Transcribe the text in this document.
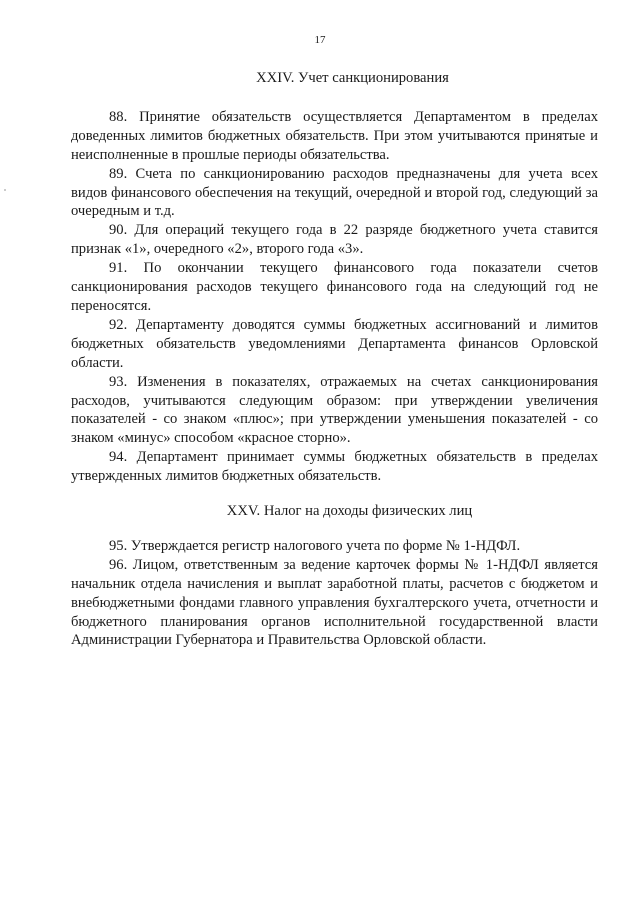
17
XXIV. Учет санкционирования

88. Принятие обязательств осуществляется Департаментом в пределах доведенных лимитов бюджетных обязательств. При этом учитываются принятые и неисполненные в прошлые периоды обязательства.

89. Счета по санкционированию расходов предназначены для учета всех видов финансового обеспечения на текущий, очередной и второй год, следующий за очередным и т.д.

90. Для операций текущего года в 22 разряде бюджетного учета ставится признак «1», очередного «2», второго года «3».

91. По окончании текущего финансового года показатели счетов санкционирования расходов текущего финансового года на следующий год не переносятся.

92. Департаменту доводятся суммы бюджетных ассигнований и лимитов бюджетных обязательств уведомлениями Департамента финансов Орловской области.

93. Изменения в показателях, отражаемых на счетах санкционирования расходов, учитываются следующим образом: при утверждении увеличения показателей - со знаком «плюс»; при утверждении уменьшения показателей - со знаком «минус» способом «красное сторно».

94. Департамент принимает суммы бюджетных обязательств в пределах утвержденных лимитов бюджетных обязательств.

XXV. Налог на доходы физических лиц

95. Утверждается регистр налогового учета по форме № 1-НДФЛ.

96. Лицом, ответственным за ведение карточек формы № 1-НДФЛ является начальник отдела начисления и выплат заработной платы, расчетов с бюджетом и внебюджетными фондами главного управления бухгалтерского учета, отчетности и бюджетного планирования органов исполнительной государственной власти Администрации Губернатора и Правительства Орловской области.
